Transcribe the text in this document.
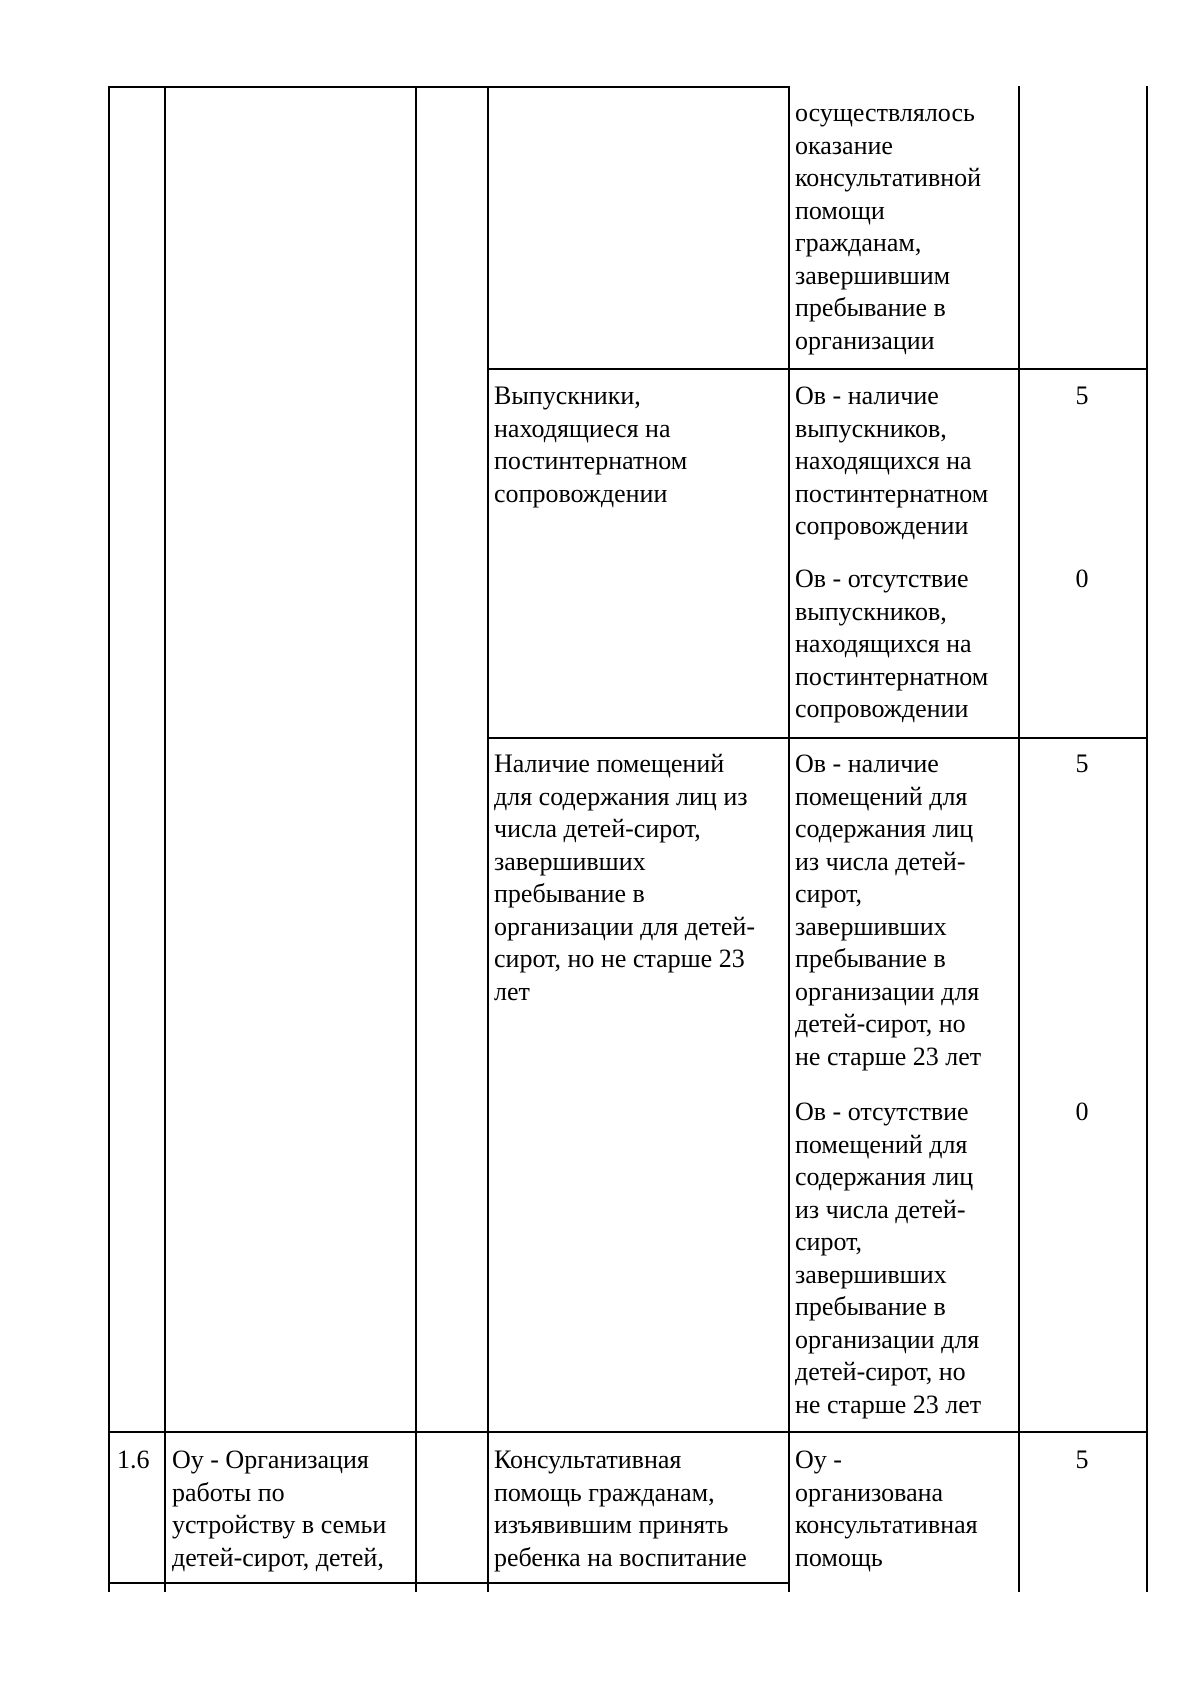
осуществлялось
оказание
консультативной
помощи
гражданам,
завершившим
пребывание в
организации
Выпускники,
находящиеся на
постинтернатном
сопровождении
Ов - наличие
выпускников,
находящихся на
постинтернатном
сопровождении
5
Ов - отсутствие
выпускников,
находящихся на
постинтернатном
сопровождении
0
Наличие помещений
для содержания лиц из
числа детей-сирот,
завершивших
пребывание в
организации для детей-
сирот, но не старше 23
лет
Ов - наличие
помещений для
содержания лиц
из числа детей-
сирот,
завершивших
пребывание в
организации для
детей-сирот, но
не старше 23 лет
5
Ов - отсутствие
помещений для
содержания лиц
из числа детей-
сирот,
завершивших
пребывание в
организации для
детей-сирот, но
не старше 23 лет
0
1.6 Оу - Организация
работы по
устройству в семьи
детей-сирот, детей,
Консультативная
помощь гражданам,
изъявившим принять
ребенка на воспитание
Оу -
организована
консультативная
помощь
5
